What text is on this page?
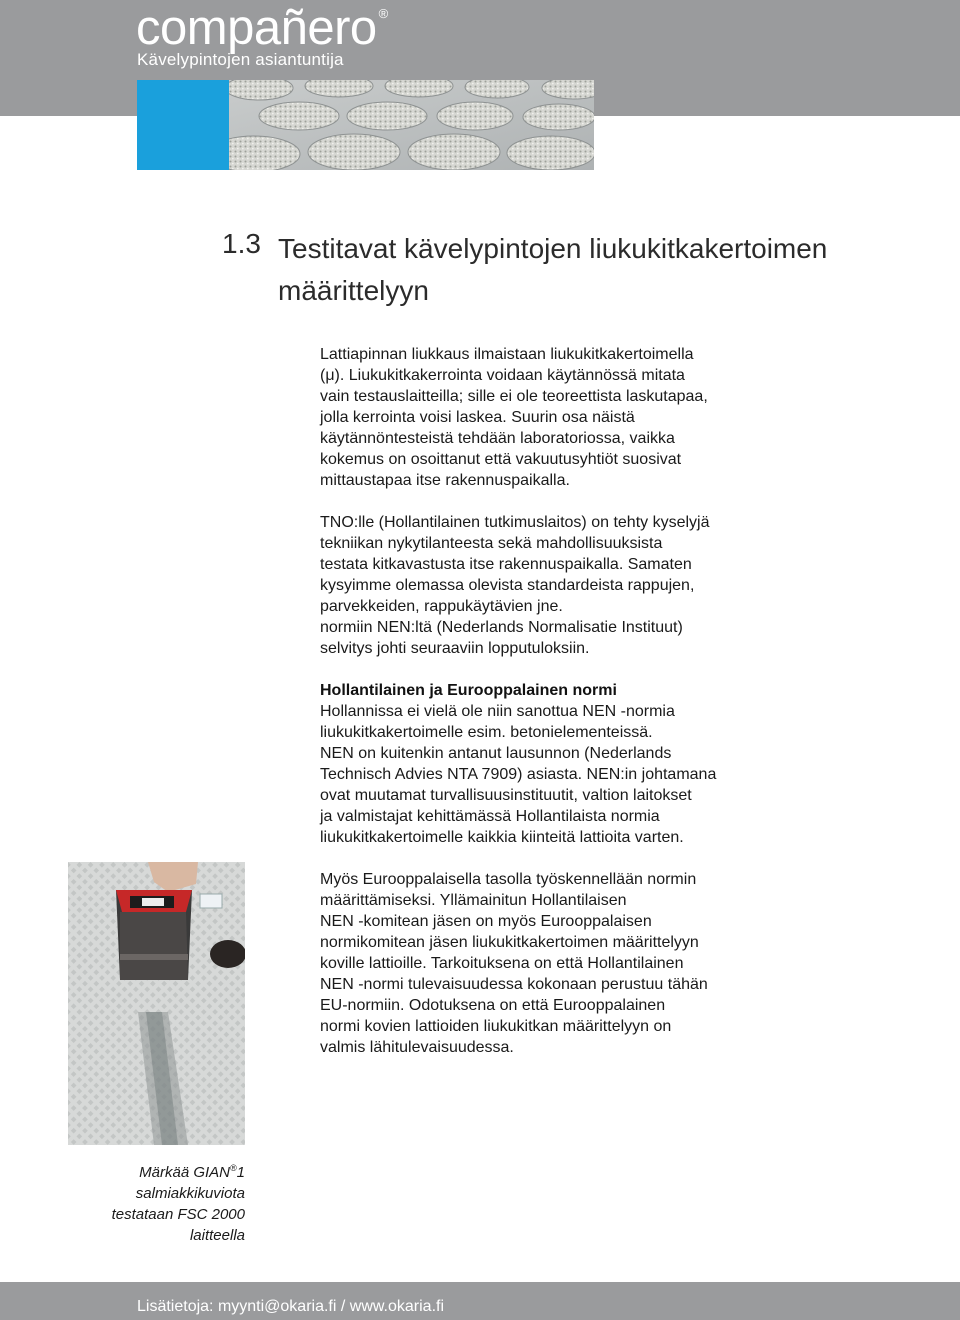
compañero ®
Kävelypintojen asiantuntija
1.3 Testitavat kävelypintojen liukukitkakertoimen
määrittelyyn
Lattiapinnan liukkaus ilmaistaan liukukitkakertoimella
(μ). Liukukitkakerrointa voidaan käytännössä mitata
vain testauslaitteilla; sille ei ole teoreettista laskutapaa,
jolla kerrointa voisi laskea. Suurin osa näistä
käytännöntesteistä tehdään laboratoriossa, vaikka
kokemus on osoittanut että vakuutusyhtiöt suosivat
mittaustapaa itse rakennuspaikalla.
TNO:lle (Hollantilainen tutkimuslaitos) on tehty kyselyjä
tekniikan nykytilanteesta sekä mahdollisuuksista
testata kitkavastusta itse rakennuspaikalla. Samaten
kysyimme olemassa olevista standardeista rappujen,
parvekkeiden, rappukäytävien jne.
normiin NEN:ltä (Nederlands Normalisatie Instituut)
selvitys johti seuraaviin lopputuloksiin.
Hollantilainen ja Eurooppalainen normi
Hollannissa ei vielä ole niin sanottua NEN -normia
liukukitkakertoimelle esim. betonielementeissä.
NEN on kuitenkin antanut lausunnon (Nederlands
Technisch Advies NTA 7909) asiasta. NEN:in johtamana
ovat muutamat turvallisuusinstituutit, valtion laitokset
ja valmistajat kehittämässä Hollantilaista normia
liukukitkakertoimelle kaikkia kiinteitä lattioita varten.
Myös Eurooppalaisella tasolla työskennellään normin
määrittämiseksi. Yllämainitun Hollantilaisen
NEN -komitean jäsen on myös Eurooppalaisen
normikomitean jäsen liukukitkakertoimen määrittelyyn
koville lattioille. Tarkoituksena on että Hollantilainen
NEN -normi tulevaisuudessa kokonaan perustuu tähän
EU-normiin. Odotuksena on että Eurooppalainen
normi kovien lattioiden liukukitkan määrittelyyn on
valmis lähitulevaisuudessa.
Märkää GIAN®1
salmiakkikuviota
testataan FSC 2000
laitteella
Lisätietoja: myynti@okaria.fi / www.okaria.fi
